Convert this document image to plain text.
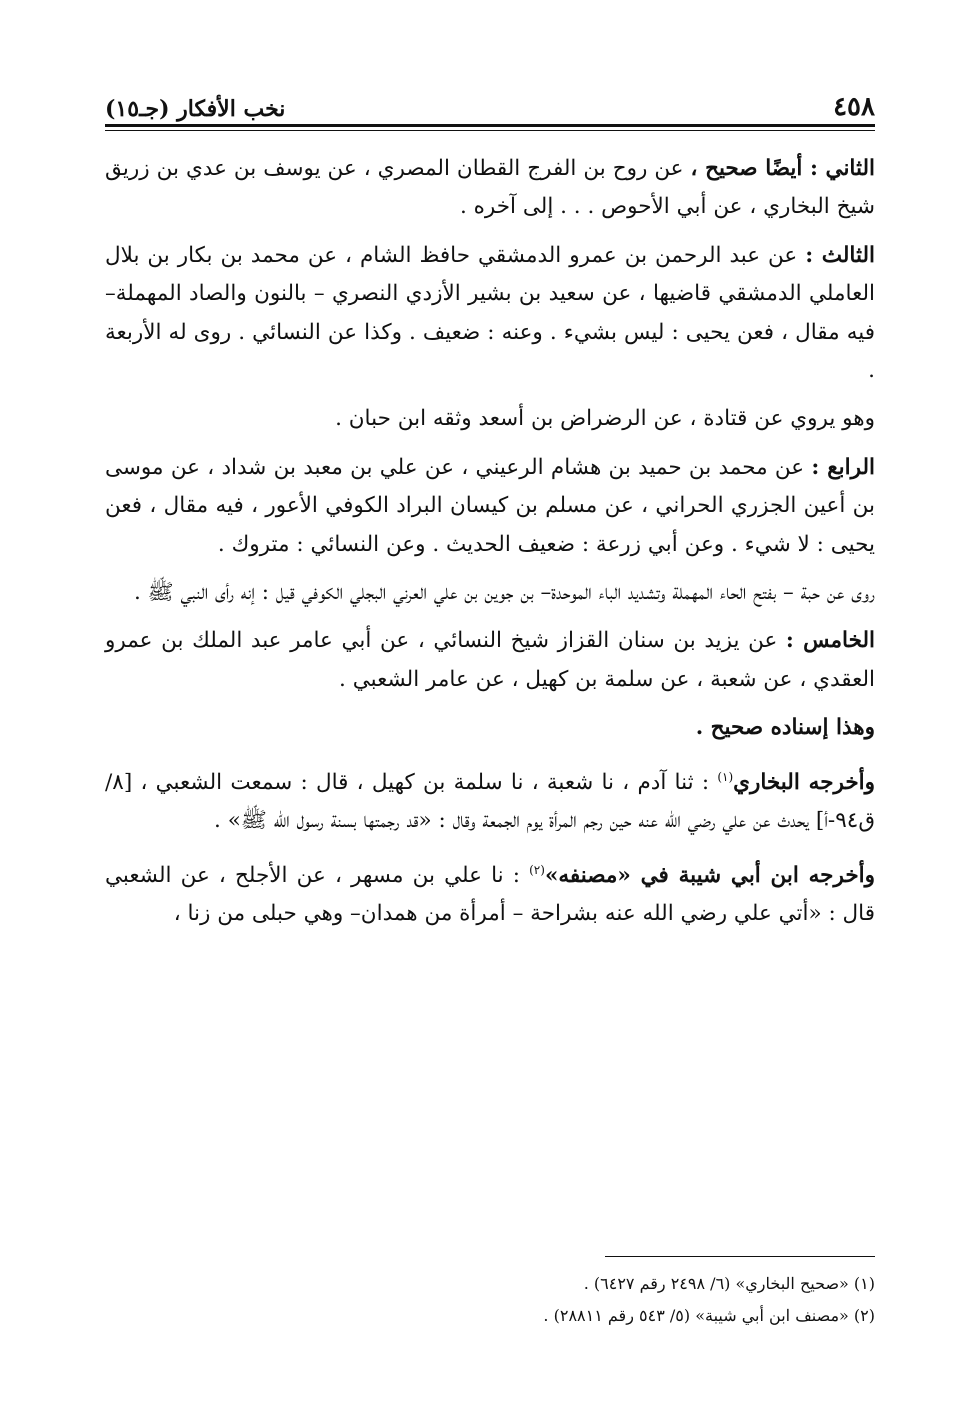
٤٥٨
نخب الأفكار (جـ١٥)

الثاني : أيضًا صحيح ، عن روح بن الفرج القطان المصري ، عن يوسف بن عدي بن زريق شيخ البخاري ، عن أبي الأحوص . . . إلى آخره .

الثالث : عن عبد الرحمن بن عمرو الدمشقي حافظ الشام ، عن محمد بن بكار بن بلال العاملي الدمشقي قاضيها ، عن سعيد بن بشير الأزدي النصري – بالنون والصاد المهملة– فيه مقال ، فعن يحيى : ليس بشيء . وعنه : ضعيف . وكذا عن النسائي . روى له الأربعة .

وهو يروي عن قتادة ، عن الرضراض بن أسعد وثقه ابن حبان .

الرابع : عن محمد بن حميد بن هشام الرعيني ، عن علي بن معبد بن شداد ، عن موسى بن أعين الجزري الحراني ، عن مسلم بن كيسان البراد الكوفي الأعور ، فيه مقال ، فعن يحيى : لا شيء . وعن أبي زرعة : ضعيف الحديث . وعن النسائي : متروك .

روى عن حبة – بفتح الحاء المهملة وتشديد الباء الموحدة– بن جوين بن علي العرني البجلي الكوفي قيل : إنه رأى النبي ﷺ .

الخامس : عن يزيد بن سنان القزاز شيخ النسائي ، عن أبي عامر عبد الملك بن عمرو العقدي ، عن شعبة ، عن سلمة بن كهيل ، عن عامر الشعبي .

وهذا إسناده صحيح .

وأخرجه البخاري$^{(١)}$ : ثنا آدم ، نا شعبة ، نا سلمة بن كهيل ، قال : سمعت الشعبي ، [٨/ ق٩٤-أ] يحدث عن علي رضي الله عنه حين رجم المرأة يوم الجمعة وقال : «قد رجمتها بسنة رسول الله ﷺ» .

وأخرجه ابن أبي شيبة في «مصنفه»$^{(٢)}$ : نا علي بن مسهر ، عن الأجلح ، عن الشعبي قال : «أتي علي رضي الله عنه بشراحة – أمرأة من همدان– وهي حبلى من زنا ،

(١) «صحيح البخاري» (٦/ ٢٤٩٨ رقم ٦٤٢٧) .

(٢) «مصنف ابن أبي شيبة» (٥/ ٥٤٣ رقم ٢٨٨١١) .
